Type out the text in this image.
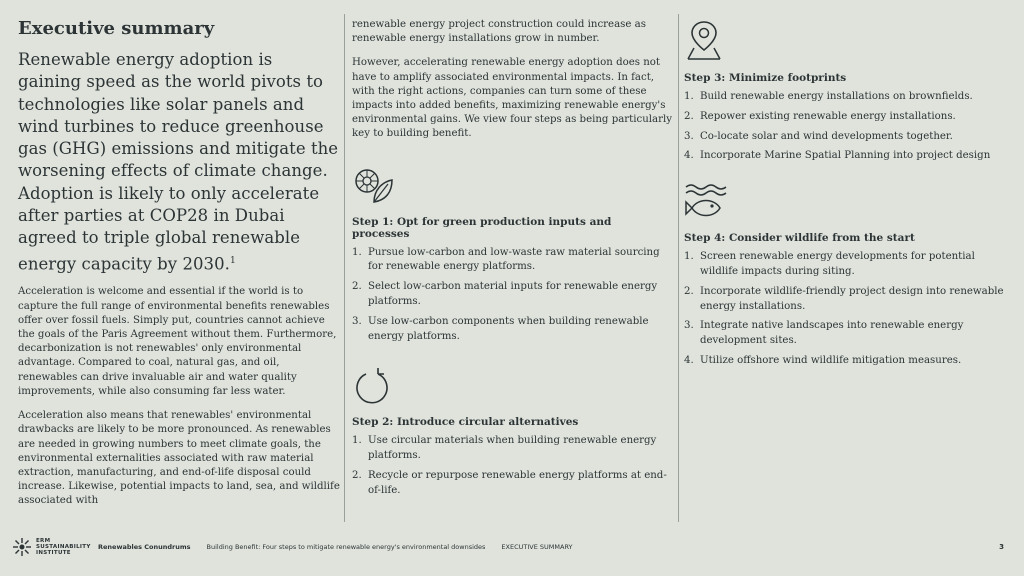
Executive summary

Renewable energy adoption is gaining speed as the world pivots to technologies like solar panels and wind turbines to reduce greenhouse gas (GHG) emissions and mitigate the worsening effects of climate change. Adoption is likely to only accelerate after parties at COP28 in Dubai agreed to triple global renewable energy capacity by 2030.$^1$

Acceleration is welcome and essential if the world is to capture the full range of environmental benefits renewables offer over fossil fuels. Simply put, countries cannot achieve the goals of the Paris Agreement without them. Furthermore, decarbonization is not renewables' only environmental advantage. Compared to coal, natural gas, and oil, renewables can drive invaluable air and water quality improvements, while also consuming far less water.

Acceleration also means that renewables' environmental drawbacks are likely to be more pronounced. As renewables are needed in growing numbers to meet climate goals, the environmental externalities associated with raw material extraction, manufacturing, and end-of-life disposal could increase. Likewise, potential impacts to land, sea, and wildlife associated with

renewable energy project construction could increase as renewable energy installations grow in number.

However, accelerating renewable energy adoption does not have to amplify associated environmental impacts. In fact, with the right actions, companies can turn some of these impacts into added benefits, maximizing renewable energy's environmental gains. We view four steps as being particularly key to building benefit.

Step 1: Opt for green production inputs and processes
1. Pursue low-carbon and low-waste raw material sourcing for renewable energy platforms.
2. Select low-carbon material inputs for renewable energy platforms.
3. Use low-carbon components when building renewable energy platforms.
Step 2: Introduce circular alternatives
1. Use circular materials when building renewable energy platforms.
2. Recycle or repurpose renewable energy platforms at end-of-life.
Step 3: Minimize footprints
1. Build renewable energy installations on brownfields.
2. Repower existing renewable energy installations.
3. Co-locate solar and wind developments together.
4. Incorporate Marine Spatial Planning into project design
Step 4: Consider wildlife from the start
1. Screen renewable energy developments for potential wildlife impacts during siting.
2. Incorporate wildlife-friendly project design into renewable energy installations.
3. Integrate native landscapes into renewable energy development sites.
4. Utilize offshore wind wildlife mitigation measures.
ERM
SUSTAINABILITY
INSTITUTE
Renewables Conundrums Building Benefit: Four steps to mitigate renewable energy's environmental downsides EXECUTIVE SUMMARY	3
